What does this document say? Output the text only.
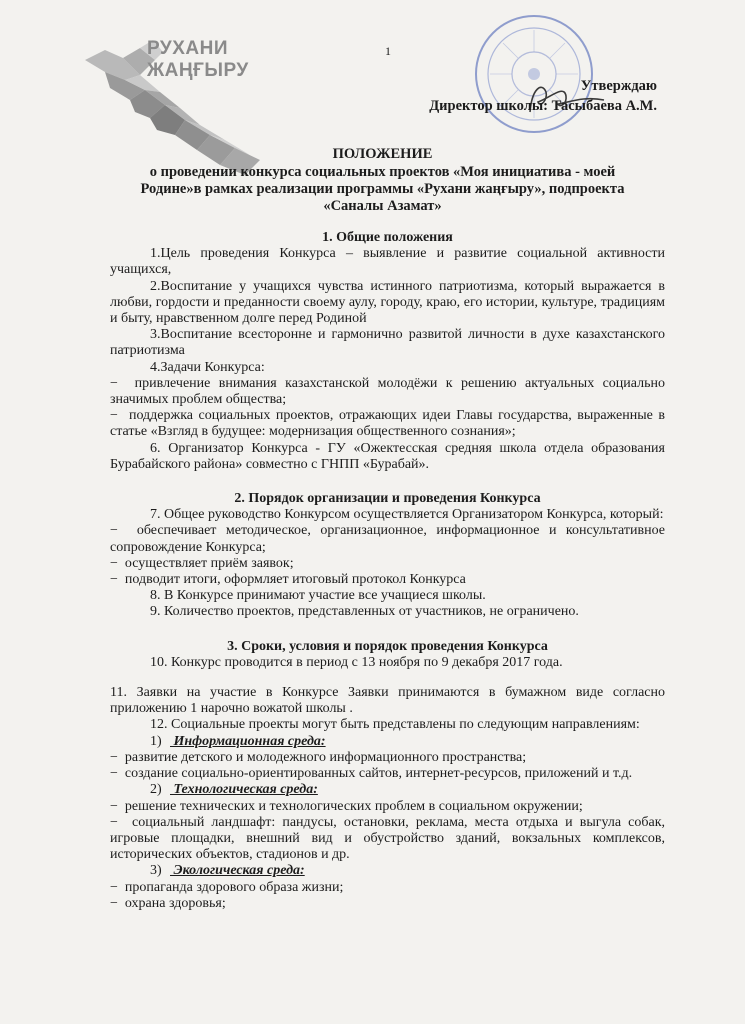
РУХАНИ
ЖАҢҒЫРУ
1
Утверждаю
Директор школы: Тасыбаева А.М.
ПОЛОЖЕНИЕ
о проведении конкурса социальных проектов «Моя инициатива - моей
Родине»в рамках реализации программы «Рухани жаңғыру», подпроекта
«Саналы Азамат»
1. Общие положения
1.Цель проведения Конкурса – выявление и развитие социальной активности учащихся,
2.Воспитание у учащихся чувства истинного патриотизма, который выражается в любви, гордости и преданности своему аулу, городу, краю, его истории, культуре, традициям и быту, нравственном долге перед Родиной
3.Воспитание всесторонне и гармонично развитой личности в духе казахстанского патриотизма
4.Задачи Конкурса:
−  привлечение внимания казахстанской молодёжи к решению актуальных социально значимых проблем общества;
−  поддержка социальных проектов, отражающих идеи Главы государства, выраженные в статье «Взгляд в будущее: модернизация общественного сознания»;
6. Организатор Конкурса - ГУ «Ожектесская средняя школа отдела образования Бурабайского района» совместно с ГНПП «Бурабай».
2. Порядок организации и проведения Конкурса
7. Общее руководство Конкурсом осуществляется Организатором Конкурса, который:
−  обеспечивает методическое, организационное, информационное и консультативное сопровождение Конкурса;
−  осуществляет приём заявок;
−  подводит итоги, оформляет итоговый протокол Конкурса
8. В Конкурсе принимают участие все учащиеся школы.
9. Количество проектов, представленных от участников, не ограничено.
3. Сроки, условия и порядок проведения Конкурса
10. Конкурс проводится в период с 13 ноября по 9 декабря 2017 года.
11. Заявки на участие в Конкурсе Заявки принимаются в бумажном виде согласно приложению 1 нарочно вожатой школы .
12. Социальные проекты могут быть представлены по следующим направлениям:
1) Информационная среда:
−  развитие детского и молодежного информационного пространства;
−  создание социально-ориентированных сайтов, интернет-ресурсов, приложений и т.д.
2) Технологическая среда:
−  решение технических и технологических проблем в социальном окружении;
−  социальный ландшафт: пандусы, остановки, реклама, места отдыха и выгула собак, игровые площадки, внешний вид и обустройство зданий, вокзальных комплексов, исторических объектов, стадионов и др.
3) Экологическая среда:
−  пропаганда здорового образа жизни;
−  охрана здоровья;
